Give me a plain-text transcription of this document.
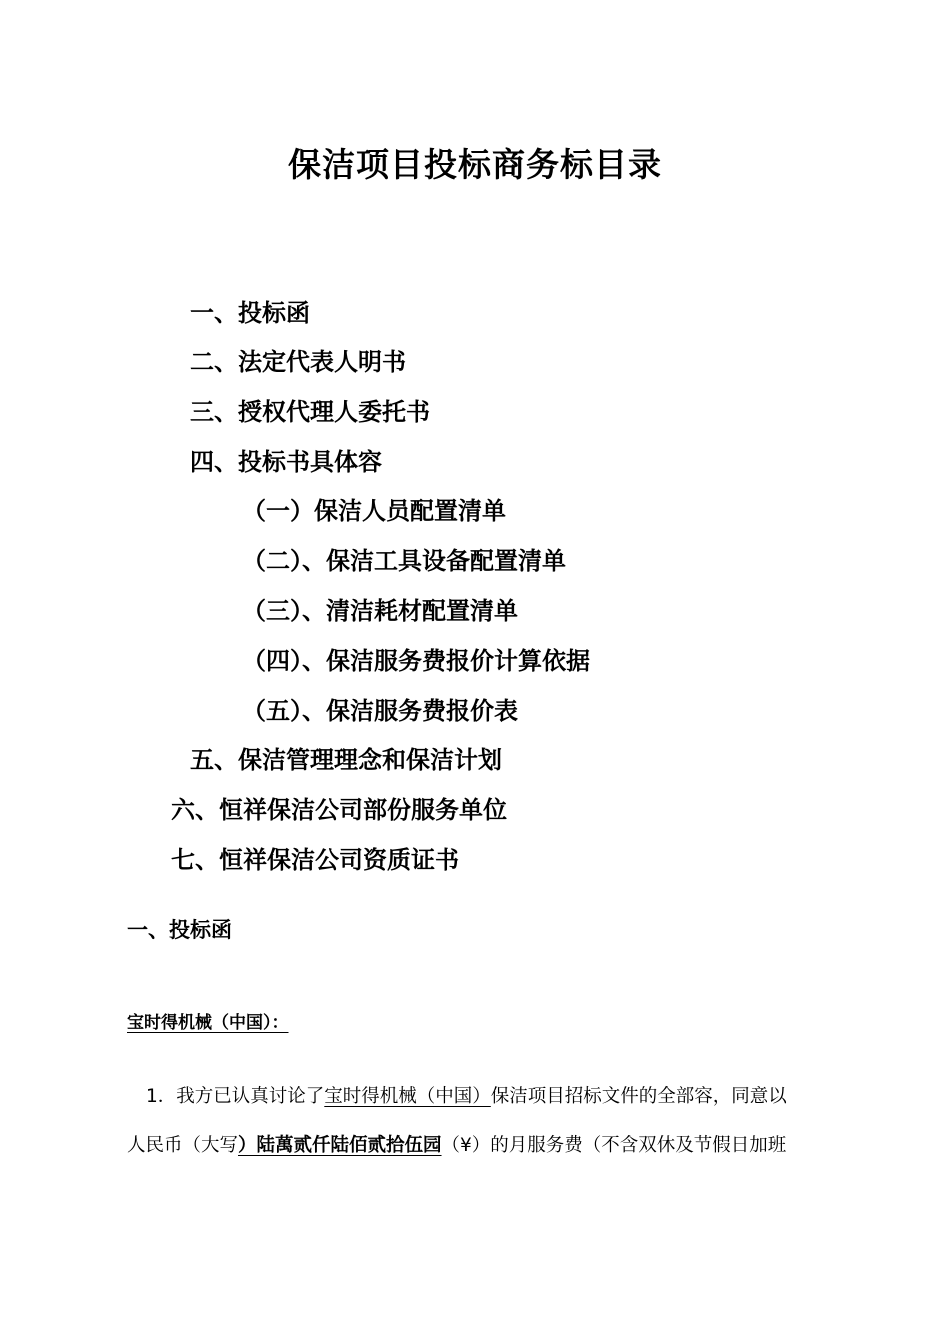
保洁项目投标商务标目录
一、投标函
二、法定代表人明书
三、授权代理人委托书
四、投标书具体容
（一）保洁人员配置清单
（二）、保洁工具设备配置清单
（三）、清洁耗材配置清单
（四）、保洁服务费报价计算依据
（五）、保洁服务费报价表
五、保洁管理理念和保洁计划
六、恒祥保洁公司部份服务单位
七、恒祥保洁公司资质证书
一、投标函
宝时得机械（中国）：
1．我方已认真讨论了宝时得机械（中国）保洁项目招标文件的全部容，同意以
人民币（大写）陆萬贰仟陆佰贰拾伍园（¥）的月服务费（不含双休及节假日加班
